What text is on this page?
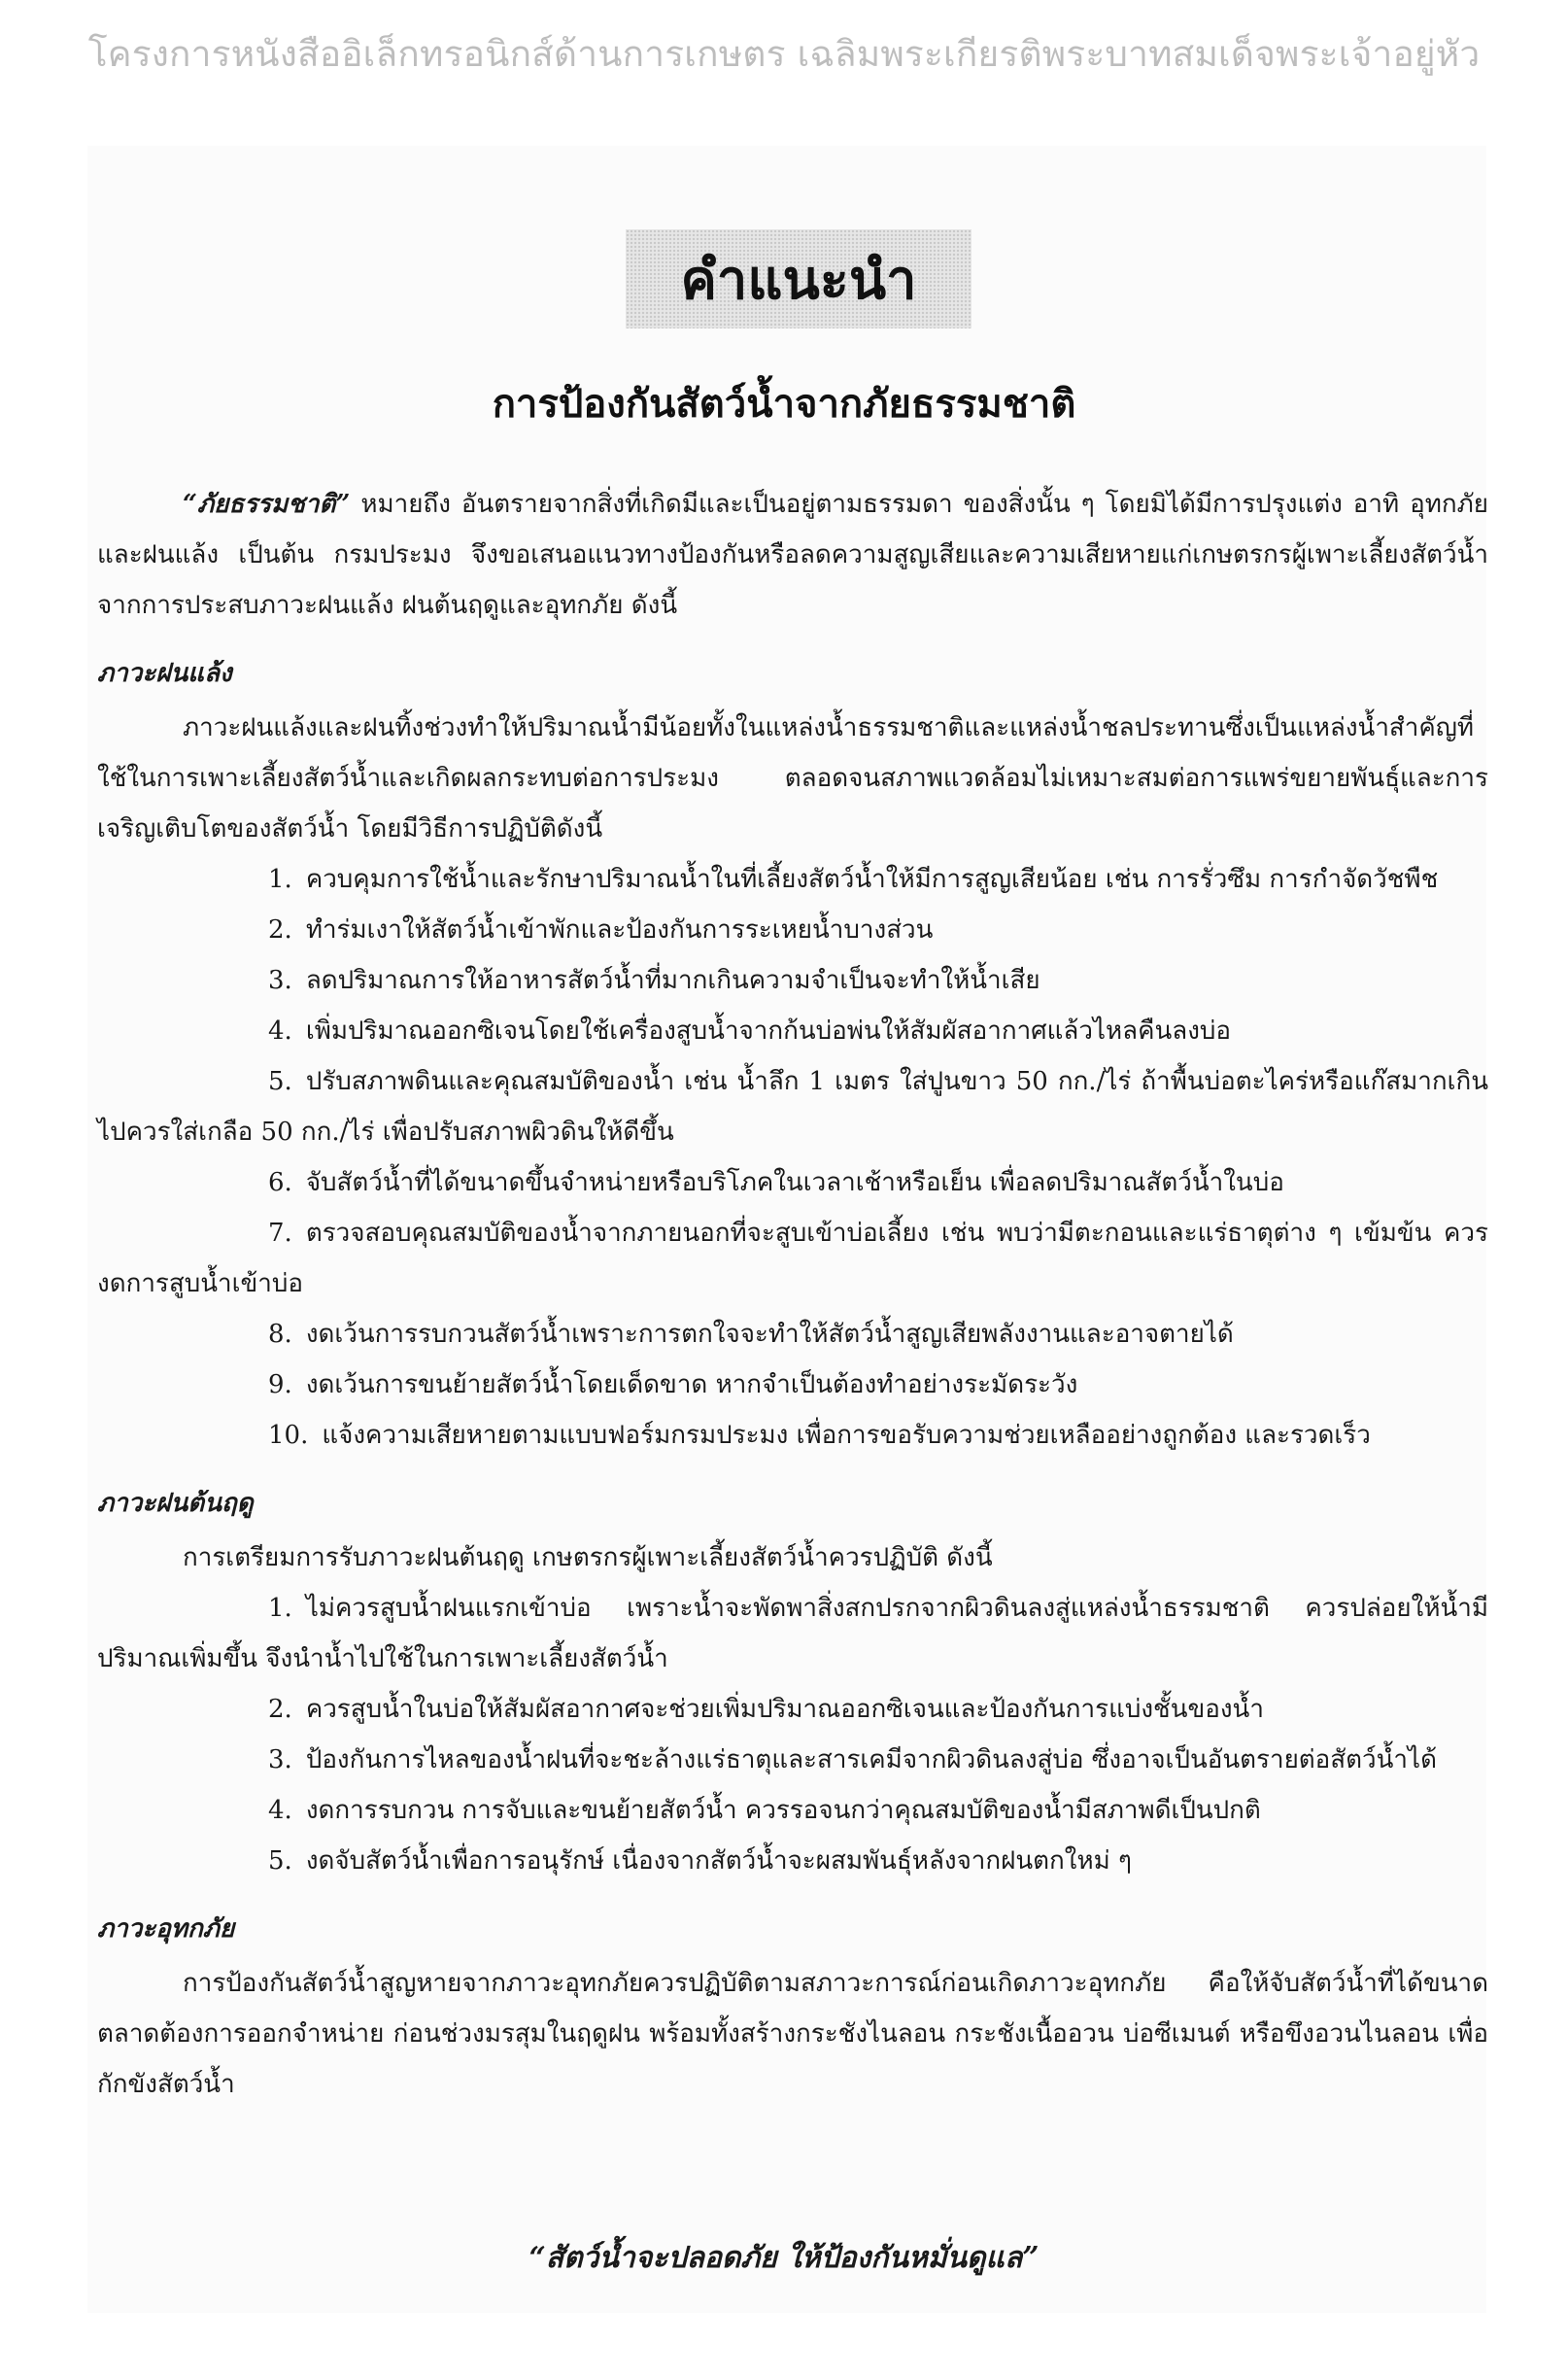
โครงการหนังสืออิเล็กทรอนิกส์ด้านการเกษตร เฉลิมพระเกียรติพระบาทสมเด็จพระเจ้าอยู่หัว
คำแนะนำ
การป้องกันสัตว์น้ำจากภัยธรรมชาติ

“ภัยธรรมชาติ” หมายถึง อันตรายจากสิ่งที่เกิดมีและเป็นอยู่ตามธรรมดา ของสิ่งนั้น ๆ โดยมิได้มีการปรุงแต่ง อาทิ อุทกภัย และฝนแล้ง เป็นต้น กรมประมง จึงขอเสนอแนวทางป้องกันหรือลดความสูญเสียและความเสียหายแก่เกษตรกรผู้เพาะเลี้ยงสัตว์น้ำจากการประสบภาวะฝนแล้ง ฝนต้นฤดูและอุทกภัย ดังนี้

ภาวะฝนแล้ง

ภาวะฝนแล้งและฝนทิ้งช่วงทำให้ปริมาณน้ำมีน้อยทั้งในแหล่งน้ำธรรมชาติและแหล่งน้ำชลประทานซึ่งเป็นแหล่งน้ำสำคัญที่ใช้ในการเพาะเลี้ยงสัตว์น้ำและเกิดผลกระทบต่อการประมง ตลอดจนสภาพแวดล้อมไม่เหมาะสมต่อการแพร่ขยายพันธุ์และการเจริญเติบโตของสัตว์น้ำ โดยมีวิธีการปฏิบัติดังนี้

1. ควบคุมการใช้น้ำและรักษาปริมาณน้ำในที่เลี้ยงสัตว์น้ำให้มีการสูญเสียน้อย เช่น การรั่วซึม การกำจัดวัชพืช

2. ทำร่มเงาให้สัตว์น้ำเข้าพักและป้องกันการระเหยน้ำบางส่วน

3. ลดปริมาณการให้อาหารสัตว์น้ำที่มากเกินความจำเป็นจะทำให้น้ำเสีย

4. เพิ่มปริมาณออกซิเจนโดยใช้เครื่องสูบน้ำจากก้นบ่อพ่นให้สัมผัสอากาศแล้วไหลคืนลงบ่อ

5. ปรับสภาพดินและคุณสมบัติของน้ำ เช่น น้ำลึก 1 เมตร ใส่ปูนขาว 50 กก./ไร่ ถ้าพื้นบ่อตะไคร่หรือแก๊สมากเกินไปควรใส่เกลือ 50 กก./ไร่ เพื่อปรับสภาพผิวดินให้ดีขึ้น

6. จับสัตว์น้ำที่ได้ขนาดขึ้นจำหน่ายหรือบริโภคในเวลาเช้าหรือเย็น เพื่อลดปริมาณสัตว์น้ำในบ่อ

7. ตรวจสอบคุณสมบัติของน้ำจากภายนอกที่จะสูบเข้าบ่อเลี้ยง เช่น พบว่ามีตะกอนและแร่ธาตุต่าง ๆ เข้มข้น ควรงดการสูบน้ำเข้าบ่อ

8. งดเว้นการรบกวนสัตว์น้ำเพราะการตกใจจะทำให้สัตว์น้ำสูญเสียพลังงานและอาจตายได้

9. งดเว้นการขนย้ายสัตว์น้ำโดยเด็ดขาด หากจำเป็นต้องทำอย่างระมัดระวัง

10. แจ้งความเสียหายตามแบบฟอร์มกรมประมง เพื่อการขอรับความช่วยเหลืออย่างถูกต้อง และรวดเร็ว

ภาวะฝนต้นฤดู

การเตรียมการรับภาวะฝนต้นฤดู เกษตรกรผู้เพาะเลี้ยงสัตว์น้ำควรปฏิบัติ ดังนี้

1. ไม่ควรสูบน้ำฝนแรกเข้าบ่อ เพราะน้ำจะพัดพาสิ่งสกปรกจากผิวดินลงสู่แหล่งน้ำธรรมชาติ ควรปล่อยให้น้ำมีปริมาณเพิ่มขึ้น จึงนำน้ำไปใช้ในการเพาะเลี้ยงสัตว์น้ำ

2. ควรสูบน้ำในบ่อให้สัมผัสอากาศจะช่วยเพิ่มปริมาณออกซิเจนและป้องกันการแบ่งชั้นของน้ำ

3. ป้องกันการไหลของน้ำฝนที่จะชะล้างแร่ธาตุและสารเคมีจากผิวดินลงสู่บ่อ ซึ่งอาจเป็นอันตรายต่อสัตว์น้ำได้

4. งดการรบกวน การจับและขนย้ายสัตว์น้ำ ควรรอจนกว่าคุณสมบัติของน้ำมีสภาพดีเป็นปกติ

5. งดจับสัตว์น้ำเพื่อการอนุรักษ์ เนื่องจากสัตว์น้ำจะผสมพันธุ์หลังจากฝนตกใหม่ ๆ

ภาวะอุทกภัย

การป้องกันสัตว์น้ำสูญหายจากภาวะอุทกภัยควรปฏิบัติตามสภาวะการณ์ก่อนเกิดภาวะอุทกภัย คือให้จับสัตว์น้ำที่ได้ขนาดตลาดต้องการออกจำหน่าย ก่อนช่วงมรสุมในฤดูฝน พร้อมทั้งสร้างกระชังไนลอน กระชังเนื้ออวน บ่อซีเมนต์ หรือขึงอวนไนลอน เพื่อกักขังสัตว์น้ำ

“สัตว์น้ำจะปลอดภัย ให้ป้องกันหมั่นดูแล”
